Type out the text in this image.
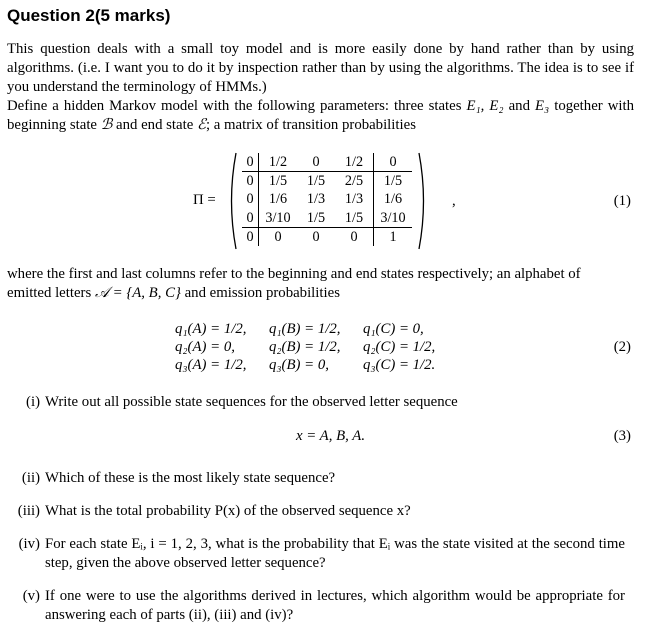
Question 2(5 marks)
This question deals with a small toy model and is more easily done by hand rather than by using algorithms. (i.e. I want you to do it by inspection rather than by using the algorithms. The idea is to see if you understand the terminology of HMMs.)
Define a hidden Markov model with the following parameters: three states E₁, E₂ and E₃ together with beginning state ℬ and end state ℰ; a matrix of transition probabilities
Π =
0	1/2	0	1/2	0
0	1/5	1/5	2/5	1/5
0	1/6	1/3	1/3	1/6
0	3/10	1/5	1/5	3/10
0	0	0	0	1
,	(1)
where the first and last columns refer to the beginning and end states respectively; an alphabet of
emitted letters 𝒜 = {A, B, C} and emission probabilities
q₁(A) = 1/2,	q₁(B) = 1/2,	q₁(C) = 0,
q₂(A) = 0,	q₂(B) = 1/2,	q₂(C) = 1/2,
q₃(A) = 1/2,	q₃(B) = 0,	q₃(C) = 1/2.
(2)
(i) Write out all possible state sequences for the observed letter sequence
x = A, B, A.	(3)
(ii) Which of these is the most likely state sequence?
(iii) What is the total probability P(x) of the observed sequence x?
(iv) For each state Eᵢ, i = 1, 2, 3, what is the probability that Eᵢ was the state visited at the second time step, given the above observed letter sequence?
(v) If one were to use the algorithms derived in lectures, which algorithm would be appropriate for answering each of parts (ii), (iii) and (iv)?
